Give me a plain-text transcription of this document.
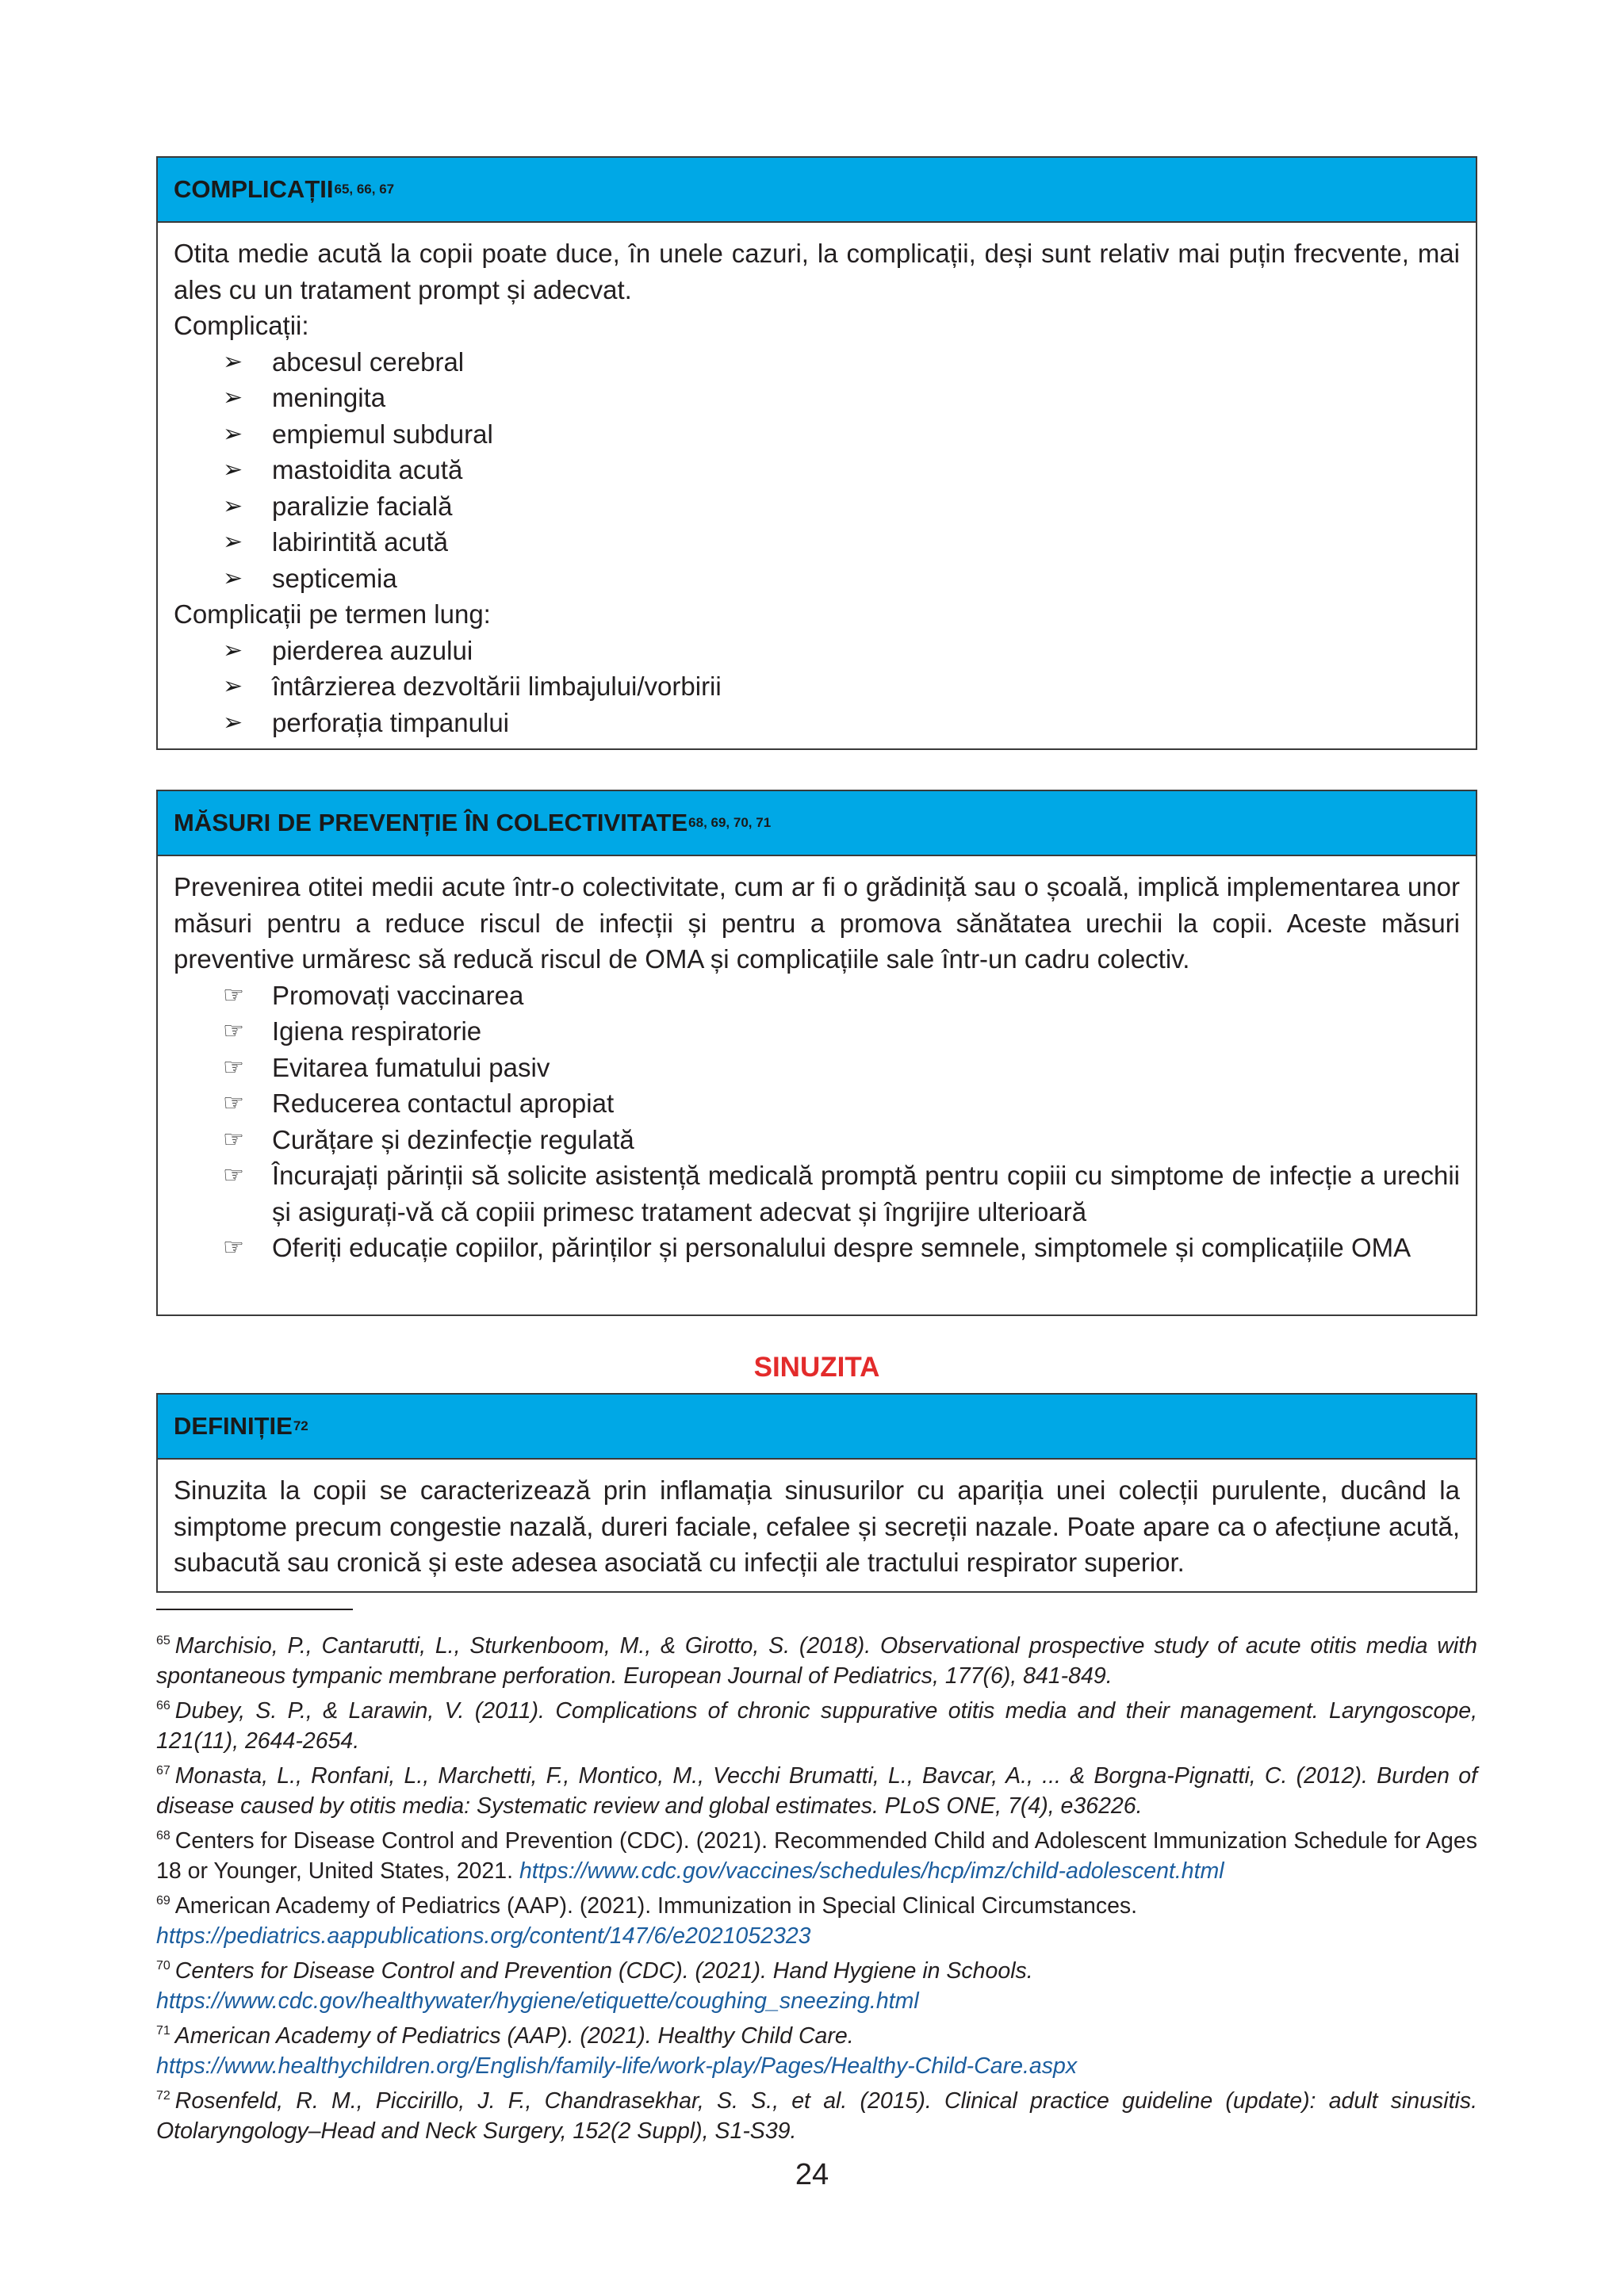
COMPLICAȚII 65, 66, 67

Otita medie acută la copii poate duce, în unele cazuri, la complicații, deși sunt relativ mai puțin frecvente, mai ales cu un tratament prompt și adecvat.

Complicații:

➢	abcesul cerebral
➢	meningita
➢	empiemul subdural
➢	mastoidita acută
➢	paralizie facială
➢	labirintită acută
➢	septicemia

Complicații pe termen lung:

➢	pierderea auzului
➢	întârzierea dezvoltării limbajului/vorbirii
➢	perforația timpanului
MĂSURI DE PREVENȚIE ÎN COLECTIVITATE 68, 69, 70, 71

Prevenirea otitei medii acute într-o colectivitate, cum ar fi o grădiniță sau o școală, implică implementarea unor măsuri pentru a reduce riscul de infecții și pentru a promova sănătatea urechii la copii. Aceste măsuri preventive urmăresc să reducă riscul de OMA și complicațiile sale într-un cadru colectiv.

☞	Promovați vaccinarea
☞	Igiena respiratorie
☞	Evitarea fumatului pasiv
☞	Reducerea contactul apropiat
☞	Curățare și dezinfecție regulată
☞	Încurajați părinții să solicite asistență medicală promptă pentru copiii cu simptome de infecție a urechii și asigurați-vă că copiii primesc tratament adecvat și îngrijire ulterioară
☞	Oferiți educație copiilor, părinților și personalului despre semnele, simptomele și complicațiile OMA
SINUZITA
DEFINIȚIE 72

Sinuzita la copii se caracterizează prin inflamația sinusurilor cu apariția unei colecții purulente, ducând la simptome precum congestie nazală, dureri faciale, cefalee și secreții nazale. Poate apare ca o afecțiune acută, subacută sau cronică și este adesea asociată cu infecții ale tractului respirator superior.

$^{65}$ Marchisio, P., Cantarutti, L., Sturkenboom, M., & Girotto, S. (2018). Observational prospective study of acute otitis media with spontaneous tympanic membrane perforation. European Journal of Pediatrics, 177(6), 841-849.

$^{66}$ Dubey, S. P., & Larawin, V. (2011). Complications of chronic suppurative otitis media and their management. Laryngoscope, 121(11), 2644-2654.

$^{67}$ Monasta, L., Ronfani, L., Marchetti, F., Montico, M., Vecchi Brumatti, L., Bavcar, A., ... & Borgna-Pignatti, C. (2012). Burden of disease caused by otitis media: Systematic review and global estimates. PLoS ONE, 7(4), e36226.

$^{68}$ Centers for Disease Control and Prevention (CDC). (2021). Recommended Child and Adolescent Immunization Schedule for Ages 18 or Younger, United States, 2021. https://www.cdc.gov/vaccines/schedules/hcp/imz/child-adolescent.html

$^{69}$ American Academy of Pediatrics (AAP). (2021). Immunization in Special Clinical Circumstances.
https://pediatrics.aappublications.org/content/147/6/e2021052323

$^{70}$ Centers for Disease Control and Prevention (CDC). (2021). Hand Hygiene in Schools.
https://www.cdc.gov/healthywater/hygiene/etiquette/coughing_sneezing.html

$^{71}$ American Academy of Pediatrics (AAP). (2021). Healthy Child Care.
https://www.healthychildren.org/English/family-life/work-play/Pages/Healthy-Child-Care.aspx

$^{72}$ Rosenfeld, R. M., Piccirillo, J. F., Chandrasekhar, S. S., et al. (2015). Clinical practice guideline (update): adult sinusitis. Otolaryngology–Head and Neck Surgery, 152(2 Suppl), S1-S39.

24
